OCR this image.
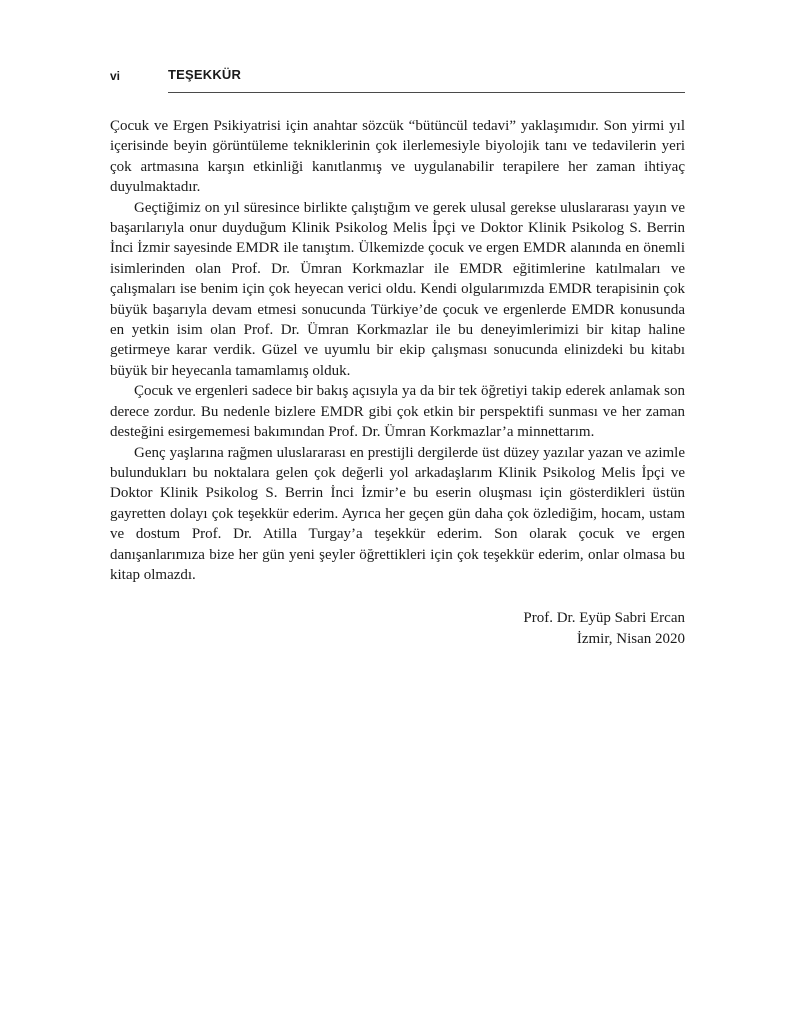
vi	TEŞEKKÜR

Çocuk ve Ergen Psikiyatrisi için anahtar sözcük “bütüncül tedavi” yaklaşımıdır. Son yirmi yıl içerisinde beyin görüntüleme tekniklerinin çok ilerlemesiyle biyolojik tanı ve tedavilerin yeri çok artmasına karşın etkinliği kanıtlanmış ve uygulanabilir terapilere her zaman ihtiyaç duyulmaktadır.

Geçtiğimiz on yıl süresince birlikte çalıştığım ve gerek ulusal gerekse uluslararası yayın ve başarılarıyla onur duyduğum Klinik Psikolog Melis İpçi ve Doktor Klinik Psikolog S. Berrin İnci İzmir sayesinde EMDR ile tanıştım. Ülkemizde çocuk ve ergen EMDR alanında en önemli isimlerinden olan Prof. Dr. Ümran Korkmazlar ile EMDR eğitimlerine katılmaları ve çalışmaları ise benim için çok heyecan verici oldu. Kendi olgularımızda EMDR terapisinin çok büyük başarıyla devam etmesi sonucunda Türkiye’de çocuk ve ergenlerde EMDR konusunda en yetkin isim olan Prof. Dr. Ümran Korkmazlar ile bu deneyimlerimizi bir kitap haline getirmeye karar verdik. Güzel ve uyumlu bir ekip çalışması sonucunda elinizdeki bu kitabı büyük bir heyecanla tamamlamış olduk.

Çocuk ve ergenleri sadece bir bakış açısıyla ya da bir tek öğretiyi takip ederek anlamak son derece zordur. Bu nedenle bizlere EMDR gibi çok etkin bir perspektifi sunması ve her zaman desteğini esirgememesi bakımından Prof. Dr. Ümran Korkmazlar’a minnettarım.

Genç yaşlarına rağmen uluslararası en prestijli dergilerde üst düzey yazılar yazan ve azimle bulundukları bu noktalara gelen çok değerli yol arkadaşlarım Klinik Psikolog Melis İpçi ve Doktor Klinik Psikolog S. Berrin İnci İzmir’e bu eserin oluşması için gösterdikleri üstün gayretten dolayı çok teşekkür ederim. Ayrıca her geçen gün daha çok özlediğim, hocam, ustam ve dostum Prof. Dr. Atilla Turgay’a teşekkür ederim. Son olarak çocuk ve ergen danışanlarımıza bize her gün yeni şeyler öğrettikleri için çok teşekkür ederim, onlar olmasa bu kitap olmazdı.

Prof. Dr. Eyüp Sabri Ercan
İzmir, Nisan 2020
